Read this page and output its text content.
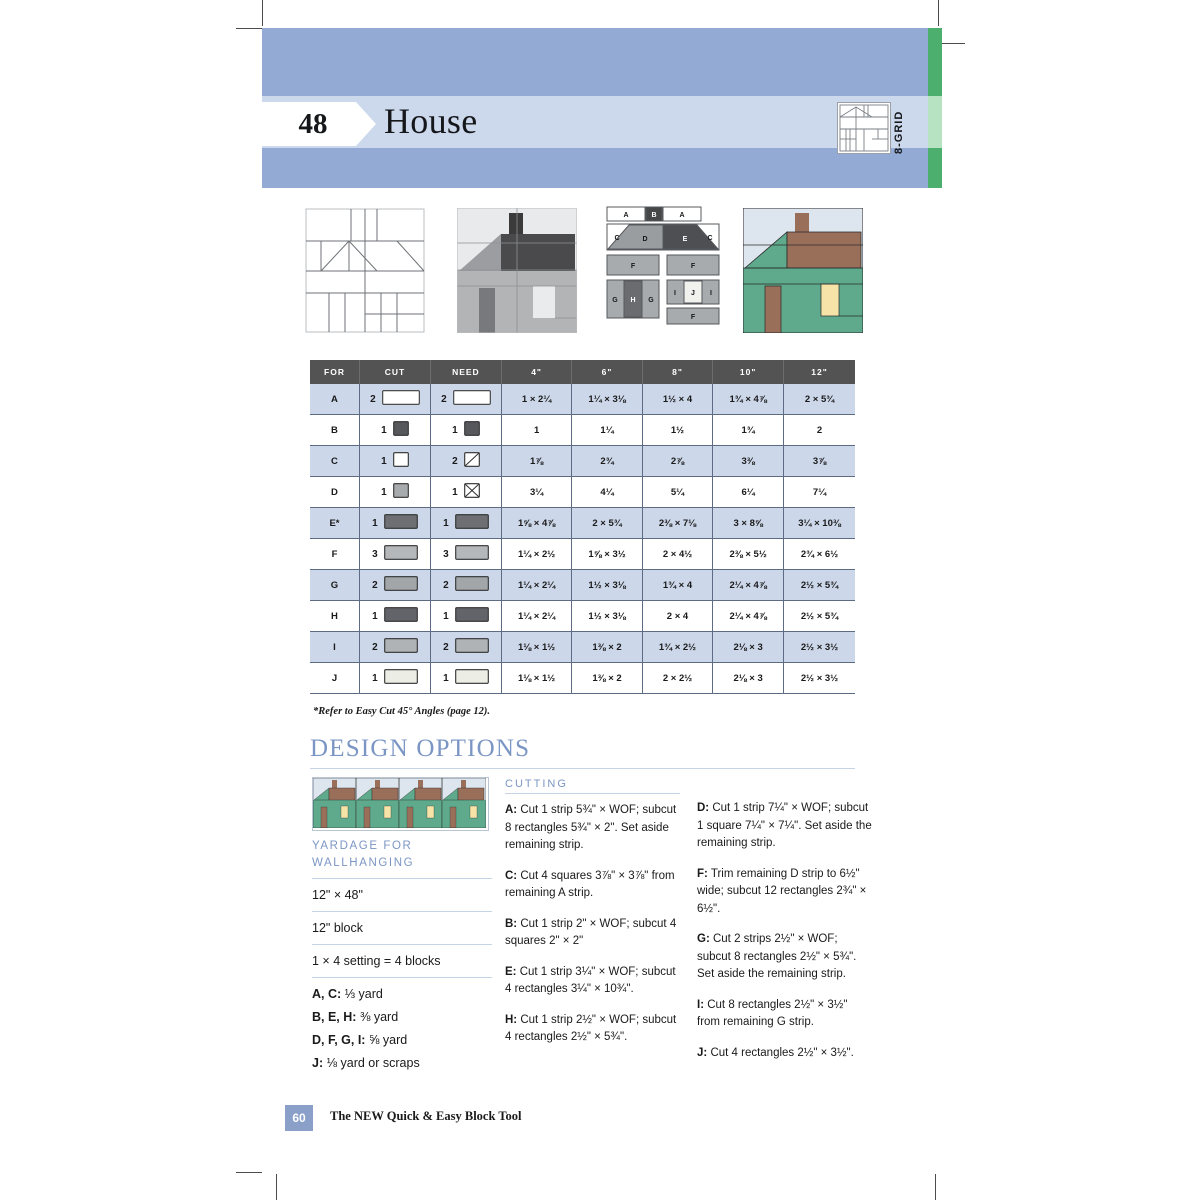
48 House	8-GRID
A	B	A
C	D	E	C
F	F
G H G
I J I
F
FOR	CUT	NEED	4"	6"	8"	10"	12"
A	2	2	1 × 2¼	1¼ × 3⅛	1½ × 4	1¾ × 4⅞	2 × 5¾
B	1	1	1	1¼	1½	1¾	2
C	1	2	1⅞	2¾	2⅞	3⅜	3⅞
D	1	1	3¼	4¼	5¼	6¼	7¼
E*	1	1	1⅝ × 4⅞	2 × 5¾	2⅜ × 7⅛	3 × 8⅝	3¼ × 10⅜
F	3	3	1¼ × 2½	1⅝ × 3½	2 × 4½	2⅜ × 5½	2¾ × 6½
G	2	2	1¼ × 2¼	1½ × 3⅛	1¾ × 4	2¼ × 4⅞	2½ × 5¾
H	1	1	1¼ × 2¼	1½ × 3⅛	2 × 4	2¼ × 4⅞	2½ × 5¾
I	2	2	1⅛ × 1½	1⅜ × 2	1¾ × 2½	2⅛ × 3	2½ × 3½
J	1	1	1⅛ × 1½	1⅜ × 2	2 × 2½	2⅛ × 3	2½ × 3½
*Refer to Easy Cut 45° Angles (page 12).
DESIGN OPTIONS
YARDAGE FOR
WALLHANGING
12" × 48"
12" block
1 × 4 setting = 4 blocks
A, C: ⅓ yard
B, E, H: ⅜ yard
D, F, G, I: ⅝ yard
J: ⅛ yard or scraps
CUTTING

A: Cut 1 strip 5¾" × WOF; subcut 8 rectangles 5¾" × 2". Set aside remaining strip.

C: Cut 4 squares 3⅞" × 3⅞" from remaining A strip.

B: Cut 1 strip 2" × WOF; subcut 4 squares 2" × 2"

E: Cut 1 strip 3¼" × WOF; subcut 4 rectangles 3¼" × 10¾".

H: Cut 1 strip 2½" × WOF; subcut 4 rectangles 2½" × 5¾".

D: Cut 1 strip 7¼" × WOF; subcut 1 square 7¼" × 7¼". Set aside the remaining strip.

F: Trim remaining D strip to 6½" wide; subcut 12 rectangles 2¾" × 6½".

G: Cut 2 strips 2½" × WOF; subcut 8 rectangles 2½" × 5¾". Set aside the remaining strip.

I: Cut 8 rectangles 2½" × 3½" from remaining G strip.

J: Cut 4 rectangles 2½" × 3½".

60	The NEW Quick & Easy Block Tool
